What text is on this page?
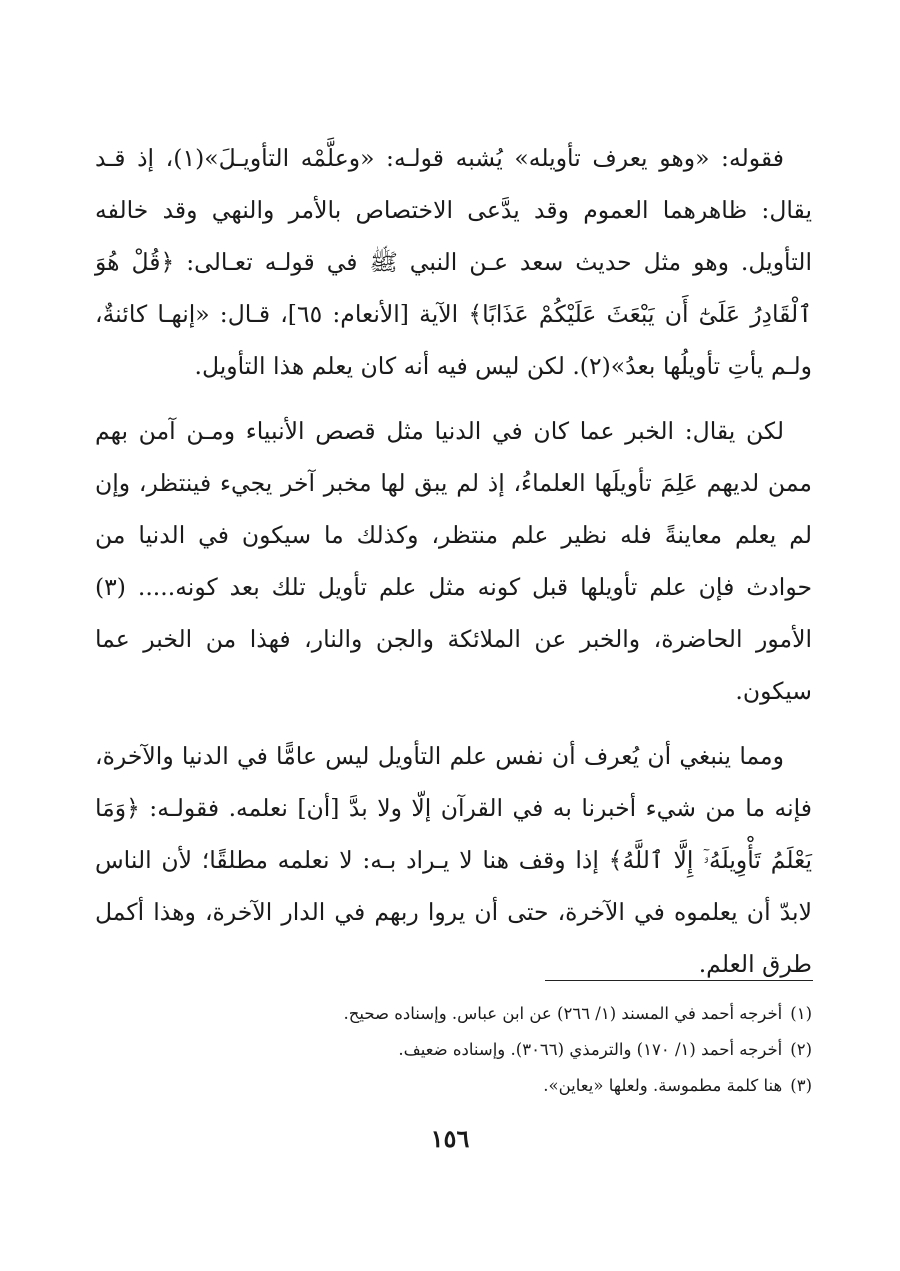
فقوله: «وهو يعرف تأويله» يُشبه قولـه: «وعلَّمْه التأويـلَ»(١)، إذ قـد يقال: ظاهرهما العموم وقد يدَّعى الاختصاص بالأمر والنهي وقد خالفه التأويل. وهو مثل حديث سعد عـن النبي ﷺ في قولـه تعـالى: ﴿قُلْ هُوَ ٱلْقَادِرُ عَلَىٰٓ أَن يَبْعَثَ عَلَيْكُمْ عَذَابًا﴾ الآية [الأنعام: ٦٥]، قـال: «إنهـا كائنةٌ، ولـم يأتِ تأويلُها بعدُ»(٢). لكن ليس فيه أنه كان يعلم هذا التأويل.

لكن يقال: الخبر عما كان في الدنيا مثل قصص الأنبياء ومـن آمن بهم ممن لديهم عَلِمَ تأويلَها العلماءُ، إذ لم يبق لها مخبر آخر يجيء فينتظر، وإن لم يعلم معاينةً فله نظير علم منتظر، وكذلك ما سيكون في الدنيا من حوادث فإن علم تأويلها قبل كونه مثل علم تأويل تلك بعد كونه..... (٣) الأمور الحاضرة، والخبر عن الملائكة والجن والنار، فهذا من الخبر عما سيكون.

ومما ينبغي أن يُعرف أن نفس علم التأويل ليس عامًّا في الدنيا والآخرة، فإنه ما من شيء أخبرنا به في القرآن إلّا ولا بدَّ [أن] نعلمه. فقولـه: ﴿وَمَا يَعْلَمُ تَأْوِيلَهُۥٓ إِلَّا ٱللَّهُ﴾ إذا وقف هنا لا يـراد بـه: لا نعلمه مطلقًا؛ لأن الناس لابدّ أن يعلموه في الآخرة، حتى أن يروا ربهم في الدار الآخرة، وهذا أكمل طرق العلم.

(١)أخرجه أحمد في المسند (١/ ٢٦٦) عن ابن عباس. وإسناده صحيح.
(٢)أخرجه أحمد (١/ ١٧٠) والترمذي (٣٠٦٦). وإسناده ضعيف.
(٣)هنا كلمة مطموسة. ولعلها «يعاين».
١٥٦
